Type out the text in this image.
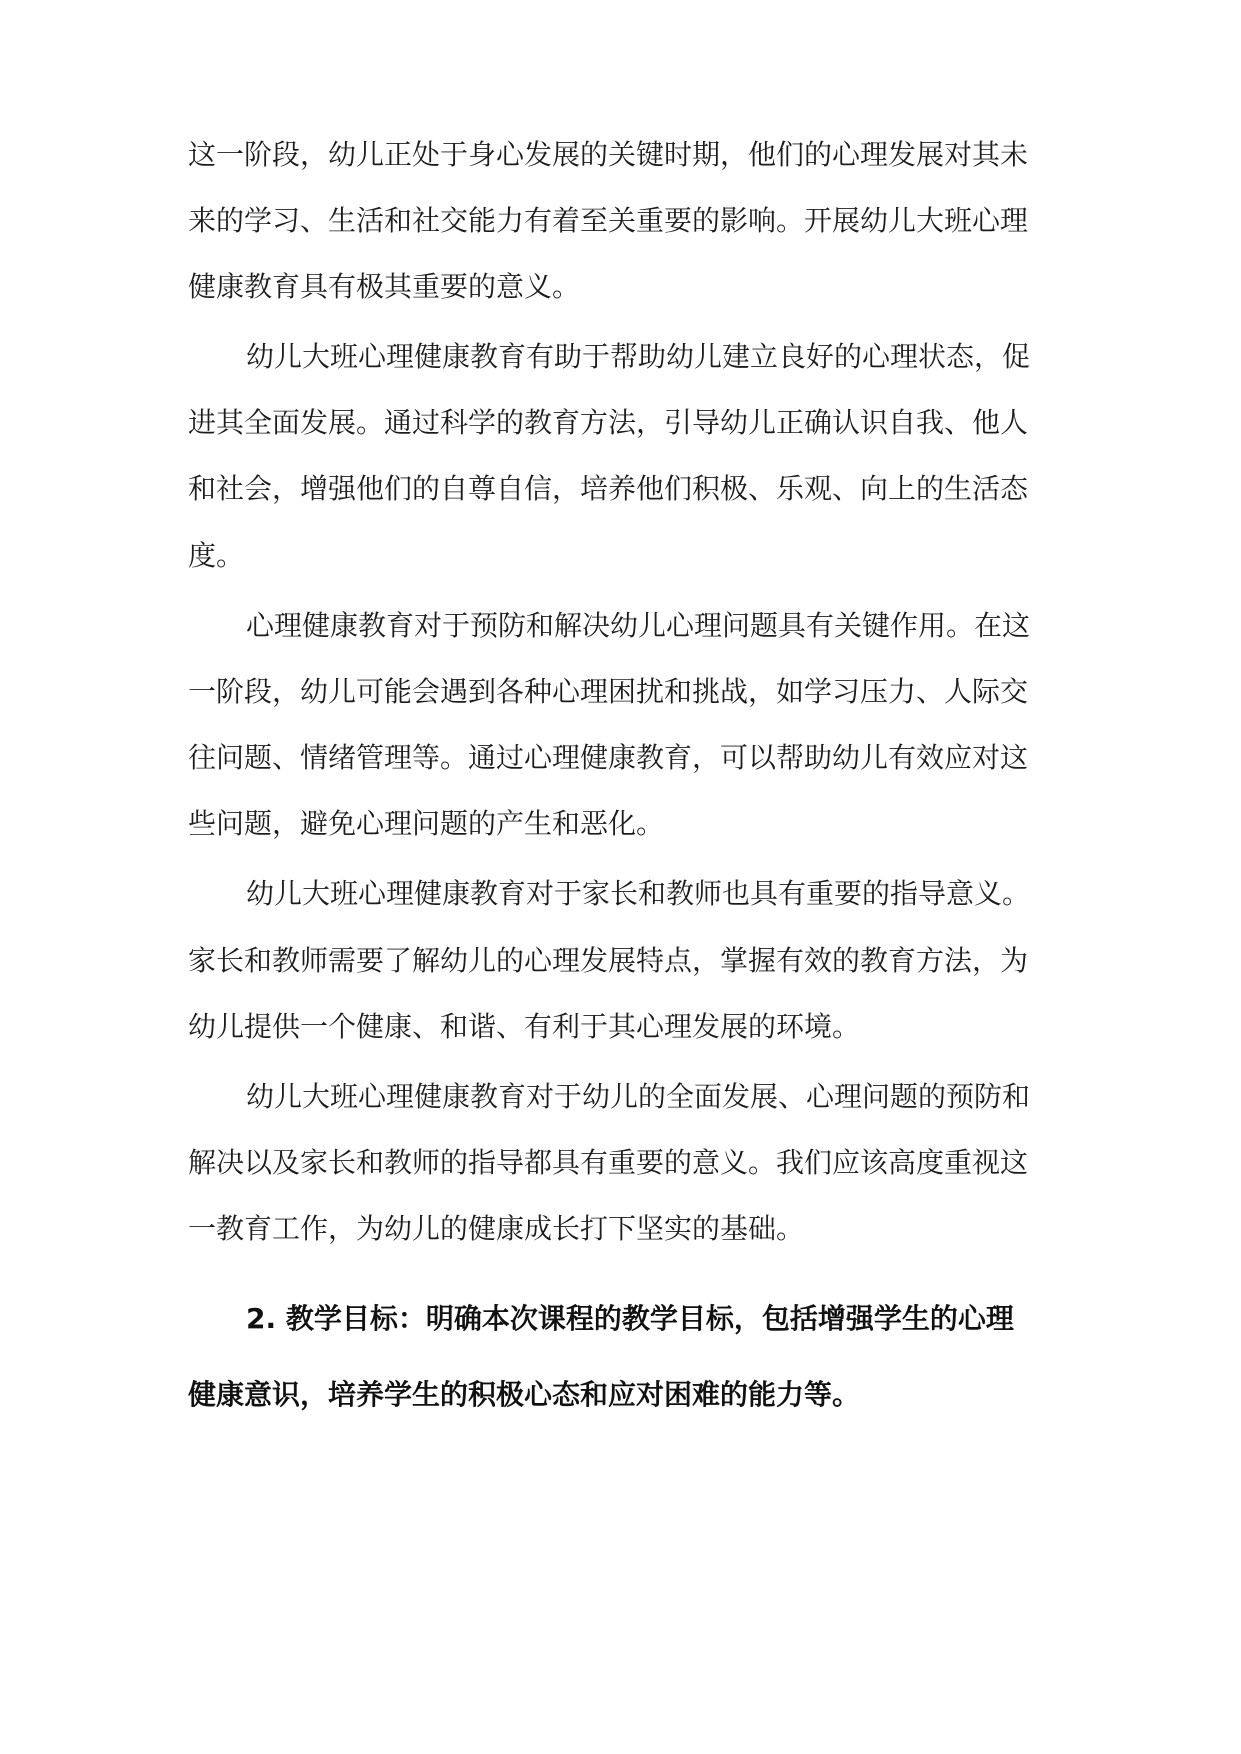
这一阶段，幼儿正处于身心发展的关键时期，他们的心理发展对其未
来的学习、生活和社交能力有着至关重要的影响。开展幼儿大班心理
健康教育具有极其重要的意义。
幼儿大班心理健康教育有助于帮助幼儿建立良好的心理状态，促
进其全面发展。通过科学的教育方法，引导幼儿正确认识自我、他人
和社会，增强他们的自尊自信，培养他们积极、乐观、向上的生活态
度。
心理健康教育对于预防和解决幼儿心理问题具有关键作用。在这
一阶段，幼儿可能会遇到各种心理困扰和挑战，如学习压力、人际交
往问题、情绪管理等。通过心理健康教育，可以帮助幼儿有效应对这
些问题，避免心理问题的产生和恶化。
幼儿大班心理健康教育对于家长和教师也具有重要的指导意义。
家长和教师需要了解幼儿的心理发展特点，掌握有效的教育方法，为
幼儿提供一个健康、和谐、有利于其心理发展的环境。
幼儿大班心理健康教育对于幼儿的全面发展、心理问题的预防和
解决以及家长和教师的指导都具有重要的意义。我们应该高度重视这
一教育工作，为幼儿的健康成长打下坚实的基础。
2. 教学目标：明确本次课程的教学目标，包括增强学生的心理
健康意识，培养学生的积极心态和应对困难的能力等。
